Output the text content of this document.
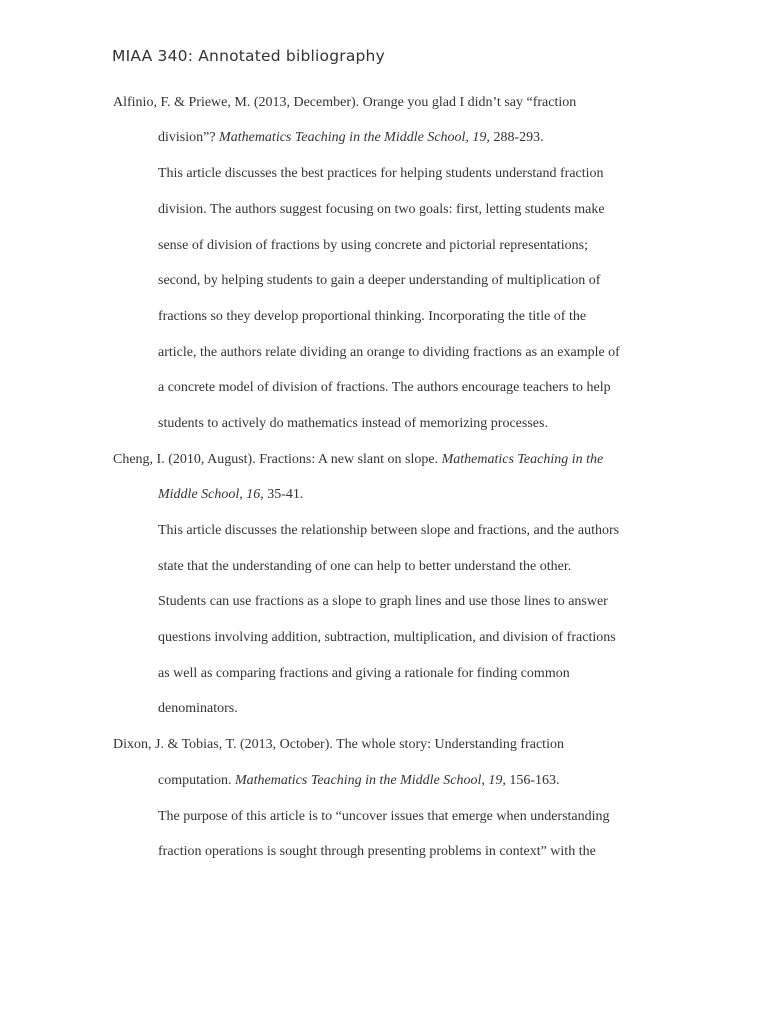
MIAA 340: Annotated bibliography
Alfinio, F. & Priewe, M. (2013, December). Orange you glad I didn’t say “fraction
division”? Mathematics Teaching in the Middle School, 19, 288-293.
This article discusses the best practices for helping students understand fraction
division. The authors suggest focusing on two goals: first, letting students make
sense of division of fractions by using concrete and pictorial representations;
second, by helping students to gain a deeper understanding of multiplication of
fractions so they develop proportional thinking. Incorporating the title of the
article, the authors relate dividing an orange to dividing fractions as an example of
a concrete model of division of fractions. The authors encourage teachers to help
students to actively do mathematics instead of memorizing processes.
Cheng, I. (2010, August). Fractions: A new slant on slope. Mathematics Teaching in the
Middle School, 16, 35-41.
This article discusses the relationship between slope and fractions, and the authors
state that the understanding of one can help to better understand the other.
Students can use fractions as a slope to graph lines and use those lines to answer
questions involving addition, subtraction, multiplication, and division of fractions
as well as comparing fractions and giving a rationale for finding common
denominators.
Dixon, J. & Tobias, T. (2013, October). The whole story: Understanding fraction
computation. Mathematics Teaching in the Middle School, 19, 156-163.
The purpose of this article is to “uncover issues that emerge when understanding
fraction operations is sought through presenting problems in context” with the
